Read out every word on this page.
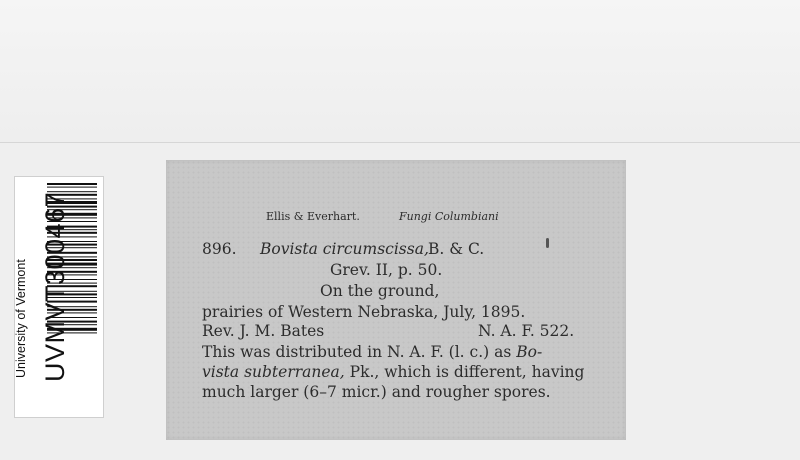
UVMVT300467
University of Vermont
Ellis & Everhart.	Fungi Columbiani
896. Bovista circumscissa, B. & C.
Grev. II, p. 50.
On the ground,
prairies of Western Nebraska, July, 1895.
Rev. J. M. Bates	N. A. F. 522.
This was distributed in N. A. F. (l. c.) as Bo-
vista subterranea, Pk., which is different, having
much larger (6–7 micr.) and rougher spores.
